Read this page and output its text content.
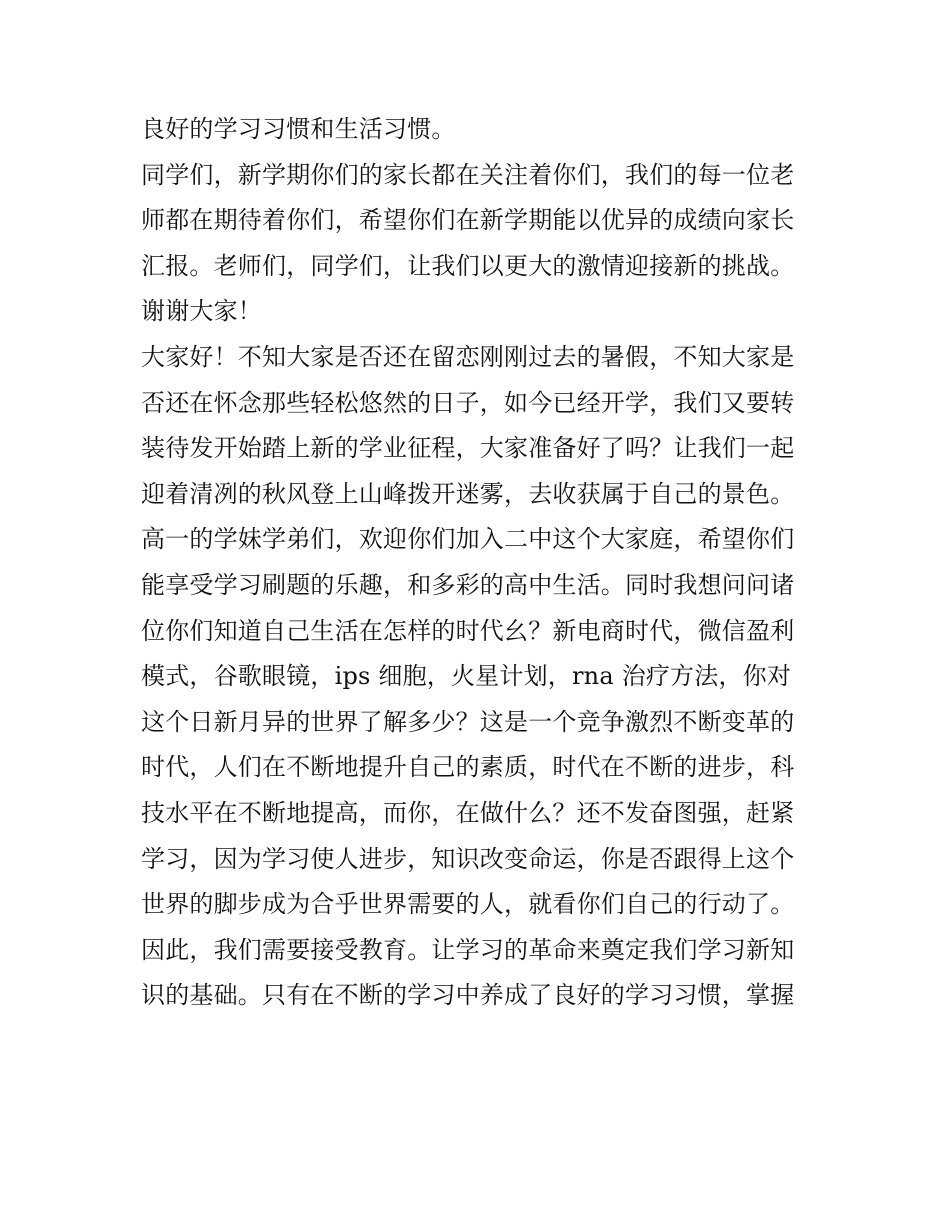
良好的学习习惯和生活习惯。
同学们，新学期你们的家长都在关注着你们，我们的每一位老
师都在期待着你们，希望你们在新学期能以优异的成绩向家长
汇报。老师们，同学们，让我们以更大的激情迎接新的挑战。
谢谢大家！
大家好！不知大家是否还在留恋刚刚过去的暑假，不知大家是
否还在怀念那些轻松悠然的日子，如今已经开学，我们又要转
装待发开始踏上新的学业征程，大家准备好了吗？让我们一起
迎着清冽的秋风登上山峰拨开迷雾，去收获属于自己的景色。
高一的学妹学弟们，欢迎你们加入二中这个大家庭，希望你们
能享受学习刷题的乐趣，和多彩的高中生活。同时我想问问诸
位你们知道自己生活在怎样的时代幺？新电商时代，微信盈利
模式，谷歌眼镜，ips 细胞，火星计划，rna 治疗方法，你对
这个日新月异的世界了解多少？这是一个竞争激烈不断变革的
时代，人们在不断地提升自己的素质，时代在不断的进步，科
技水平在不断地提高，而你，在做什么？还不发奋图强，赶紧
学习，因为学习使人进步，知识改变命运，你是否跟得上这个
世界的脚步成为合乎世界需要的人，就看你们自己的行动了。
因此，我们需要接受教育。让学习的革命来奠定我们学习新知
识的基础。只有在不断的学习中养成了良好的学习习惯，掌握
